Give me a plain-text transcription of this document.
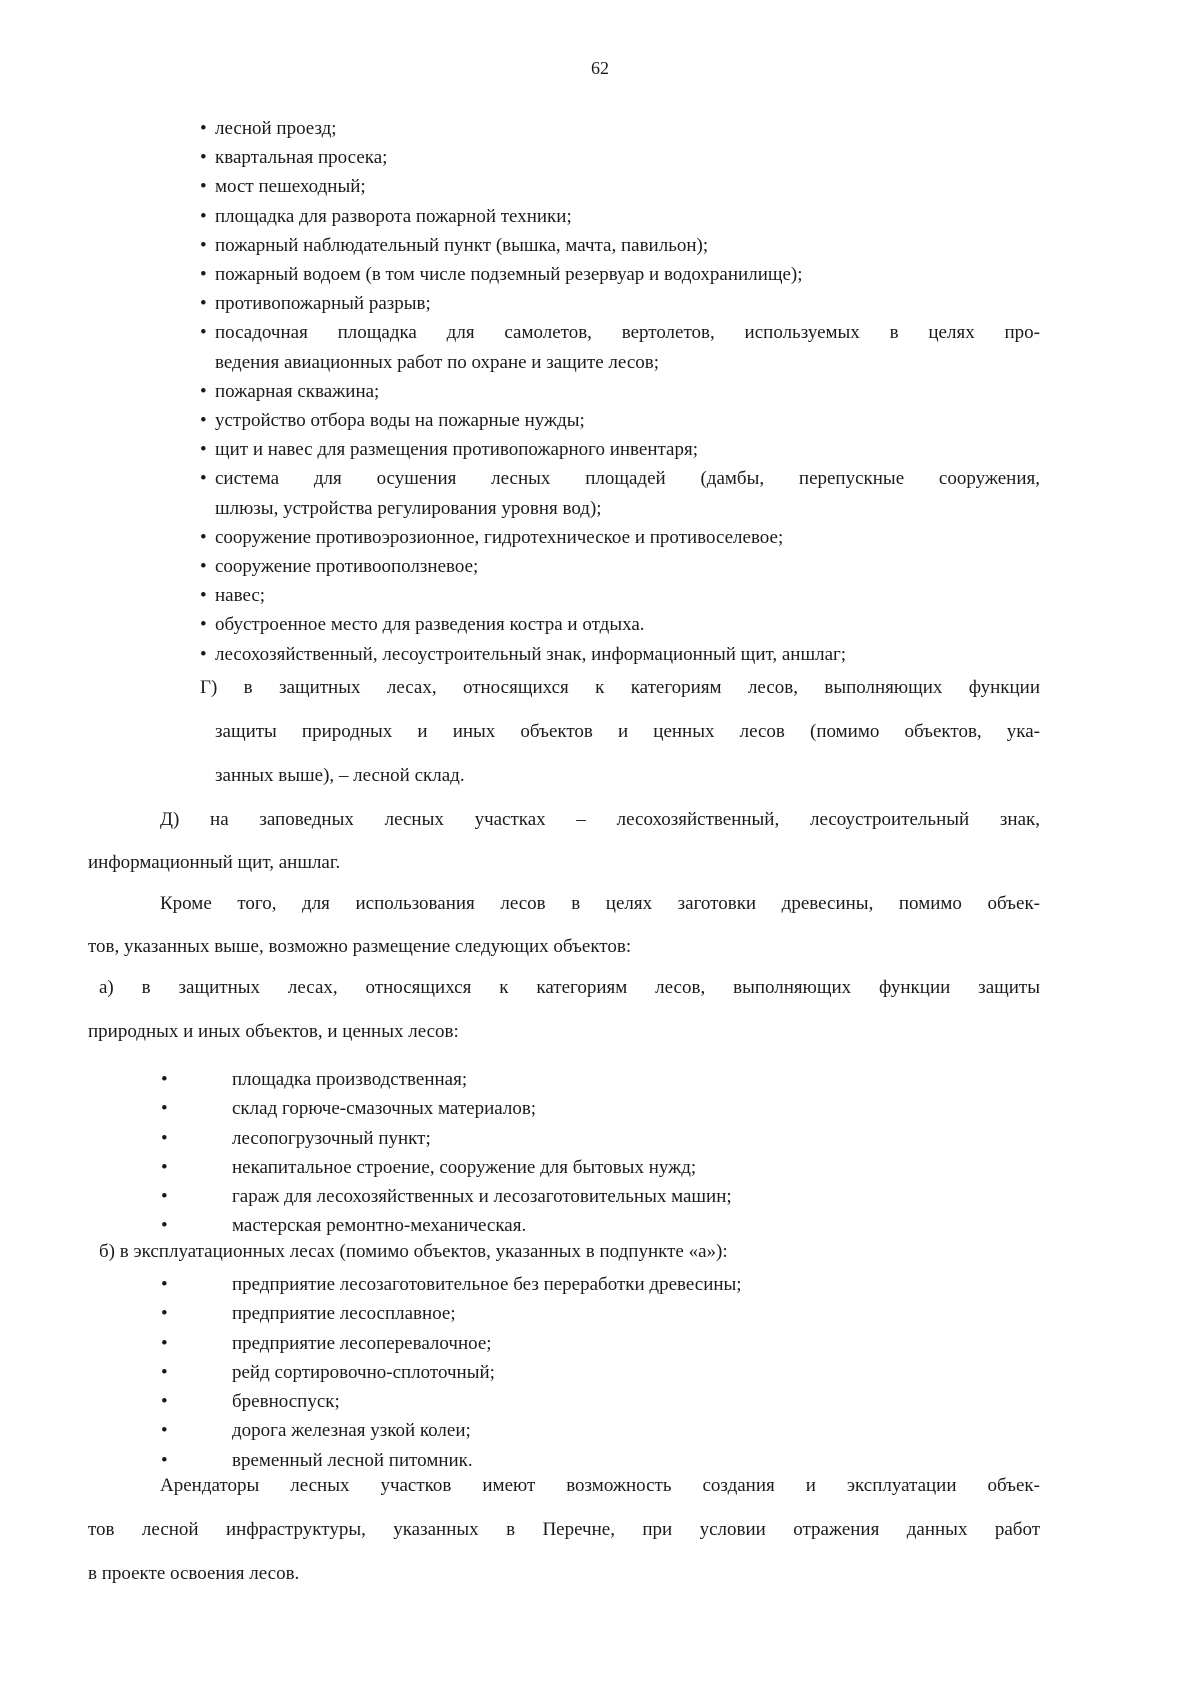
62
• лесной проезд;
• квартальная просека;
• мост пешеходный;
• площадка для разворота пожарной техники;
• пожарный наблюдательный пункт (вышка, мачта, павильон);
• пожарный водоем (в том числе подземный резервуар и водохранилище);
• противопожарный разрыв;
• посадочная площадка для самолетов, вертолетов, используемых в целях про-
ведения авиационных работ по охране и защите лесов;
• пожарная скважина;
• устройство отбора воды на пожарные нужды;
• щит и навес для размещения противопожарного инвентаря;
• система для осушения лесных площадей (дамбы, перепускные сооружения,
шлюзы, устройства регулирования уровня вод);
• сооружение противоэрозионное, гидротехническое и противоселевое;
• сооружение противооползневое;
• навес;
• обустроенное место для разведения костра и отдыха.
• лесохозяйственный, лесоустроительный знак, информационный щит, аншлаг;
Г) в защитных лесах, относящихся к категориям лесов, выполняющих функции
защиты природных и иных объектов и ценных лесов (помимо объектов, ука-
занных выше), – лесной склад.
Д) на заповедных лесных участках – лесохозяйственный, лесоустроительный знак,
информационный щит, аншлаг.
Кроме того, для использования лесов в целях заготовки древесины, помимо объек-
тов, указанных выше, возможно размещение следующих объектов:
а) в защитных лесах, относящихся к категориям лесов, выполняющих функции защиты
природных и иных объектов, и ценных лесов:
•	площадка производственная;
•	склад горюче-смазочных материалов;
•	лесопогрузочный пункт;
•	некапитальное строение, сооружение для бытовых нужд;
•	гараж для лесохозяйственных и лесозаготовительных машин;
•	мастерская ремонтно-механическая.
б) в эксплуатационных лесах (помимо объектов, указанных в подпункте «а»):
•	предприятие лесозаготовительное без переработки древесины;
•	предприятие лесосплавное;
•	предприятие лесоперевалочное;
•	рейд сортировочно-сплоточный;
•	бревноспуск;
•	дорога железная узкой колеи;
•	временный лесной питомник.
Арендаторы лесных участков имеют возможность создания и эксплуатации объек-
тов лесной инфраструктуры, указанных в Перечне, при условии отражения данных работ
в проекте освоения лесов.
